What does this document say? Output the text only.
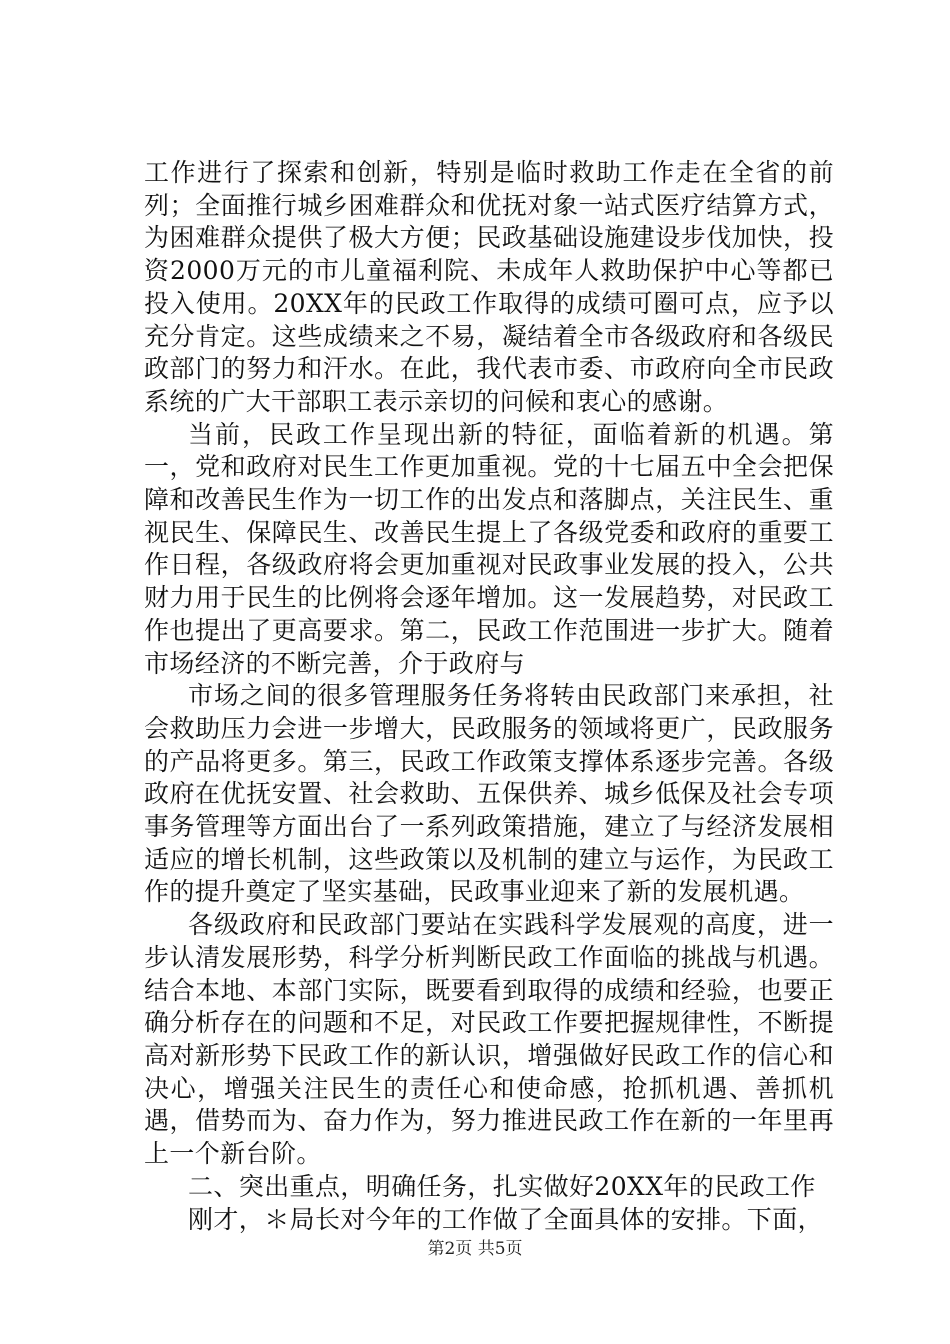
工作进行了探索和创新，特别是临时救助工作走在全省的前列；全面推行城乡困难群众和优抚对象一站式医疗结算方式，为困难群众提供了极大方便；民政基础设施建设步伐加快，投资2000万元的市儿童福利院、未成年人救助保护中心等都已投入使用。20XX年的民政工作取得的成绩可圈可点，应予以充分肯定。这些成绩来之不易，凝结着全市各级政府和各级民政部门的努力和汗水。在此，我代表市委、市政府向全市民政系统的广大干部职工表示亲切的问候和衷心的感谢。

当前，民政工作呈现出新的特征，面临着新的机遇。第一，党和政府对民生工作更加重视。党的十七届五中全会把保障和改善民生作为一切工作的出发点和落脚点，关注民生、重视民生、保障民生、改善民生提上了各级党委和政府的重要工作日程，各级政府将会更加重视对民政事业发展的投入，公共财力用于民生的比例将会逐年增加。这一发展趋势，对民政工作也提出了更高要求。第二，民政工作范围进一步扩大。随着市场经济的不断完善，介于政府与

市场之间的很多管理服务任务将转由民政部门来承担，社会救助压力会进一步增大，民政服务的领域将更广，民政服务的产品将更多。第三，民政工作政策支撑体系逐步完善。各级政府在优抚安置、社会救助、五保供养、城乡低保及社会专项事务管理等方面出台了一系列政策措施，建立了与经济发展相适应的增长机制，这些政策以及机制的建立与运作，为民政工作的提升奠定了坚实基础，民政事业迎来了新的发展机遇。

各级政府和民政部门要站在实践科学发展观的高度，进一步认清发展形势，科学分析判断民政工作面临的挑战与机遇。结合本地、本部门实际，既要看到取得的成绩和经验，也要正确分析存在的问题和不足，对民政工作要把握规律性，不断提高对新形势下民政工作的新认识，增强做好民政工作的信心和决心，增强关注民生的责任心和使命感，抢抓机遇、善抓机遇，借势而为、奋力作为，努力推进民政工作在新的一年里再上一个新台阶。

二、突出重点，明确任务，扎实做好20XX年的民政工作

刚才，＊局长对今年的工作做了全面具体的安排。下面，

第2页 共5页
